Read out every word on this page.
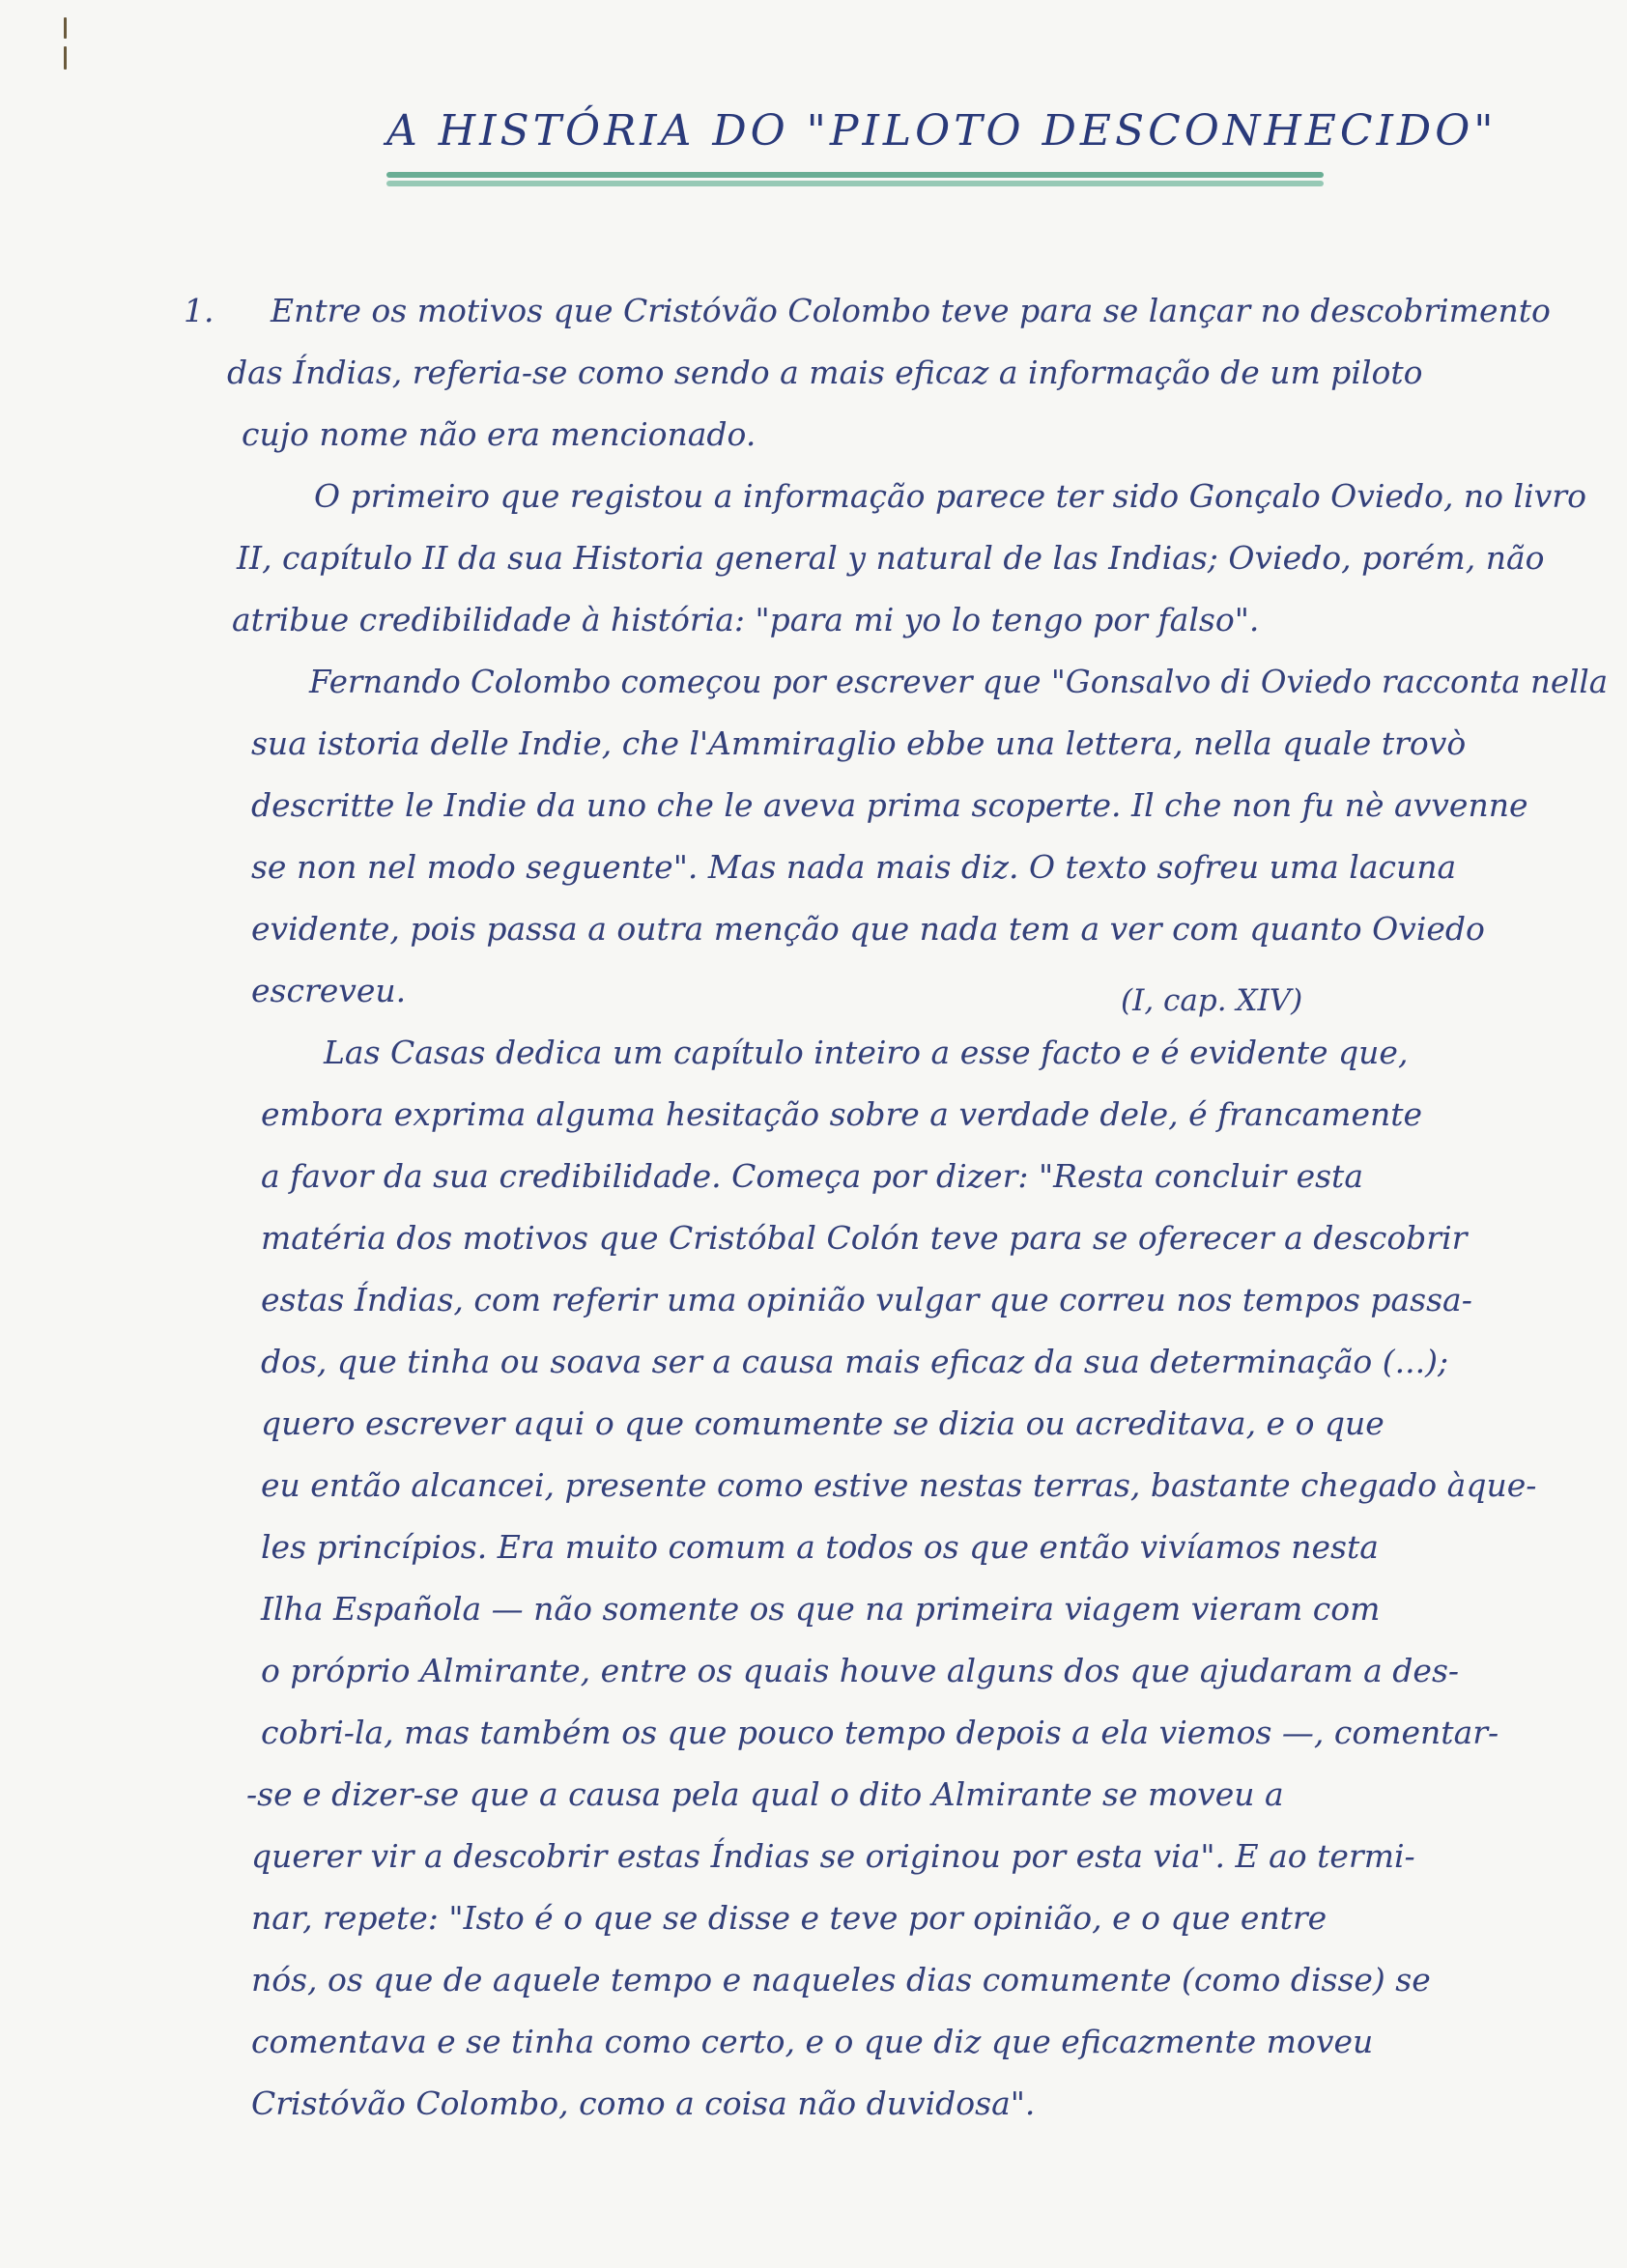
A HISTÓRIA DO "PILOTO DESCONHECIDO"
1. Entre os motivos que Cristóvão Colombo teve para se lançar no descobrimento
das Índias, referia-se como sendo a mais eficaz a informação de um piloto
cujo nome não era mencionado.
O primeiro que registou a informação parece ter sido Gonçalo Oviedo, no livro
II, capítulo II da sua Historia general y natural de las Indias; Oviedo, porém, não
atribue credibilidade à história: "para mi yo lo tengo por falso".
Fernando Colombo começou por escrever que "Gonsalvo di Oviedo racconta nella
sua istoria delle Indie, che l'Ammiraglio ebbe una lettera, nella quale trovò
descritte le Indie da uno che le aveva prima scoperte. Il che non fu nè avvenne
se non nel modo seguente". Mas nada mais diz. O texto sofreu uma lacuna
evidente, pois passa a outra menção que nada tem a ver com quanto Oviedo
escreveu.
Las Casas dedica um capítulo inteiro a esse facto e é evidente que,
embora exprima alguma hesitação sobre a verdade dele, é francamente
a favor da sua credibilidade. Começa por dizer: "Resta concluir esta
matéria dos motivos que Cristóbal Colón teve para se oferecer a descobrir
estas Índias, com referir uma opinião vulgar que correu nos tempos passa-
dos, que tinha ou soava ser a causa mais eficaz da sua determinação (...);
quero escrever aqui o que comumente se dizia ou acreditava, e o que
eu então alcancei, presente como estive nestas terras, bastante chegado àque-
les princípios. Era muito comum a todos os que então vivíamos nesta
Ilha Española — não somente os que na primeira viagem vieram com
o próprio Almirante, entre os quais houve alguns dos que ajudaram a des-
cobri-la, mas também os que pouco tempo depois a ela viemos —, comentar-
-se e dizer-se que a causa pela qual o dito Almirante se moveu a
querer vir a descobrir estas Índias se originou por esta via". E ao termi-
nar, repete: "Isto é o que se disse e teve por opinião, e o que entre
nós, os que de aquele tempo e naqueles dias comumente (como disse) se
comentava e se tinha como certo, e o que diz que eficazmente moveu
Cristóvão Colombo, como a coisa não duvidosa".
(I, cap. XIV)
